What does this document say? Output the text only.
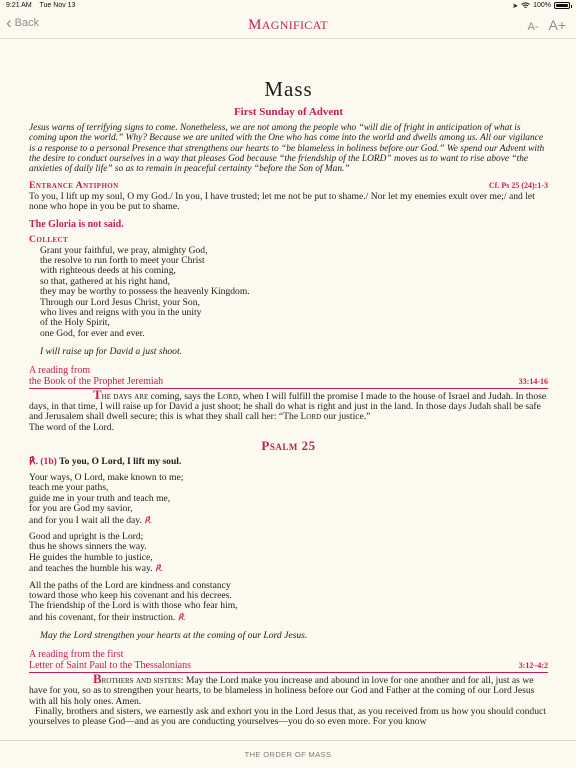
9:21 AM Tue Nov 13	➤ 100%
‹ Back	MAGNIFICAT	A- A+
Mass
First Sunday of Advent
Jesus warns of terrifying signs to come. Nonetheless, we are not among the people who “will die of fright in anticipation of what is coming upon the world.” Why? Because we are united with the One who has come into the world and dwells among us. All our vigilance is a response to a personal Presence that strengthens our hearts to “be blameless in holiness before our God.” We spend our Advent with the desire to conduct ourselves in a way that pleases God because “the friendship of the LORD” moves us to want to rise above “the anxieties of daily life” so as to remain in peaceful certainty “before the Son of Man.”
Entrance Antiphon	Cf. Ps 25 (24):1-3
To you, I lift up my soul, O my God./ In you, I have trusted; let me not be put to shame./ Nor let my enemies exult over me;/ and let none who hope in you be put to shame.
The Gloria is not said.
Collect
Grant your faithful, we pray, almighty God,
the resolve to run forth to meet your Christ
with righteous deeds at his coming,
so that, gathered at his right hand,
they may be worthy to possess the heavenly Kingdom.
Through our Lord Jesus Christ, your Son,
who lives and reigns with you in the unity
of the Holy Spirit,
one God, for ever and ever.
I will raise up for David a just shoot.
A reading from
the Book of the Prophet Jeremiah	33:14-16
The days are coming, says the Lord, when I will fulfill the promise I made to the house of Israel and Judah. In those days, in that time, I will raise up for David a just shoot; he shall do what is right and just in the land. In those days Judah shall be safe and Jerusalem shall dwell secure; this is what they shall call her: “The Lord our justice.”
The word of the Lord.
Psalm 25
℟. (1b) To you, O Lord, I lift my soul.
Your ways, O Lord, make known to me;
teach me your paths,
guide me in your truth and teach me,
for you are God my savior,
and for you I wait all the day. ℟.
Good and upright is the Lord;
thus he shows sinners the way.
He guides the humble to justice,
and teaches the humble his way. ℟.
All the paths of the Lord are kindness and constancy
toward those who keep his covenant and his decrees.
The friendship of the Lord is with those who fear him,
and his covenant, for their instruction. ℟.
May the Lord strengthen your hearts at the coming of our Lord Jesus.
A reading from the first
Letter of Saint Paul to the Thessalonians	3:12–4:2
Brothers and sisters: May the Lord make you increase and abound in love for one another and for all, just as we have for you, so as to strengthen your hearts, to be blameless in holiness before our God and Father at the coming of our Lord Jesus with all his holy ones. Amen.
Finally, brothers and sisters, we earnestly ask and exhort you in the Lord Jesus that, as you received from us how you should conduct yourselves to please God—and as you are conducting yourselves—you do so even more. For you know
THE ORDER OF MASS
